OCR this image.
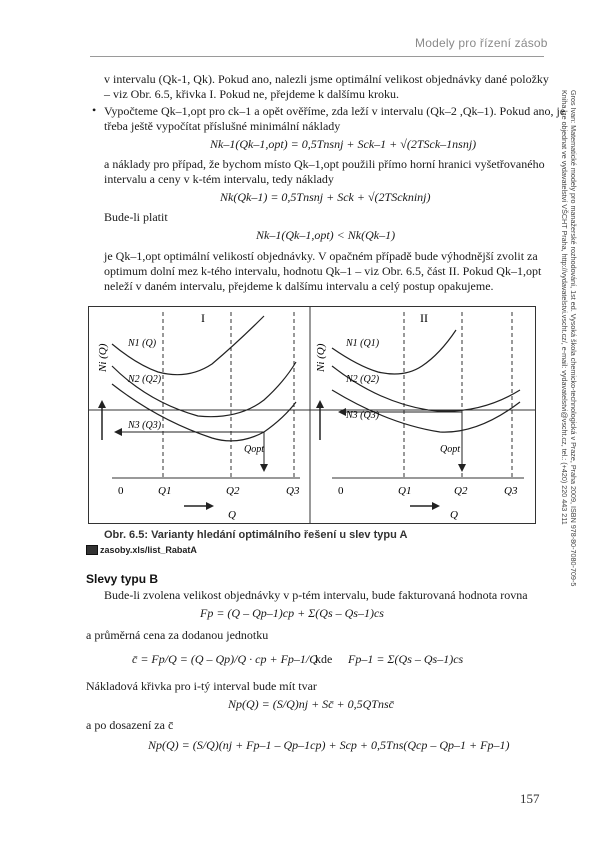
Modely pro řízení zásob
Gros Ivan: Matematické modely pro manažerské rozhodování, 1st ed. Vysoká škola chemicko-technologická v Praze, Praha 2009, ISBN 978-80-7080-709-5
Kniha lze objednat ve vydavatelství VŠCHT Praha, http://vydavatelstvi.vscht.cz/, e-mail: vydavatelstvi@vscht.cz, tel.: (+420) 220 443 211
v intervalu (Qk-1, Qk). Pokud ano, nalezli jsme optimální velikost objednávky dané položky
– viz Obr. 6.5, křivka I. Pokud ne, přejdeme k dalšímu kroku.
• Vypočteme Qk–1,opt pro ck–1 a opět ověříme, zda leží v intervalu (Qk–2 ,Qk–1). Pokud ano, je
třeba ještě vypočítat příslušné minimální náklady
Nk–1(Qk–1,opt) = 0,5Tnsnj + Sck–1 + √(2TSck–1nsnj)
a náklady pro případ, že bychom místo Qk–1,opt použili přímo horní hranici vyšetřovaného
intervalu a ceny v k-tém intervalu, tedy náklady
Nk(Qk–1) = 0,5Tnsnj + Sck + √(2TSckninj)
Bude-li platit
Nk–1(Qk–1,opt) < Nk(Qk–1)
je Qk–1,opt optimální velikostí objednávky. V opačném případě bude výhodnější zvolit za
optimum dolní mez k-tého intervalu, hodnotu Qk–1 – viz Obr. 6.5, část II. Pokud Qk–1,opt
neleží v daném intervalu, přejdeme k dalšímu intervalu a celý postup opakujeme.
I	II
Ni (Q)	Ni (Q)
N1 (Q)
N2 (Q2)
N3 (Q3)
N1 (Q1)
N2 (Q2)
N3 (Q3)
Qopt	Qopt
0	Q1	Q2	Q3	0	Q1	Q2	Q3
Q	Q
Obr. 6.5: Varianty hledání optimálního řešení u slev typu A
zasoby.xls/list_RabatA
Slevy typu B
Bude-li zvolena velikost objednávky v p-tém intervalu, bude fakturovaná hodnota rovna
Fp = (Q – Qp–1)cp + Σ(Qs – Qs–1)cs
a průměrná cena za dodanou jednotku
c̄ = Fp/Q = (Q – Qp)/Q · cp + Fp–1/Q
kde Fp–1 = Σ(Qs – Qs–1)cs
Nákladová křivka pro i-tý interval bude mít tvar
Np(Q) = (S/Q)nj + Sc̄ + 0,5QTnsc̄
a po dosazení za c̄
Np(Q) = (S/Q)(nj + Fp–1 – Qp–1cp) + Scp + 0,5Tns(Qcp – Qp–1 + Fp–1)
157
